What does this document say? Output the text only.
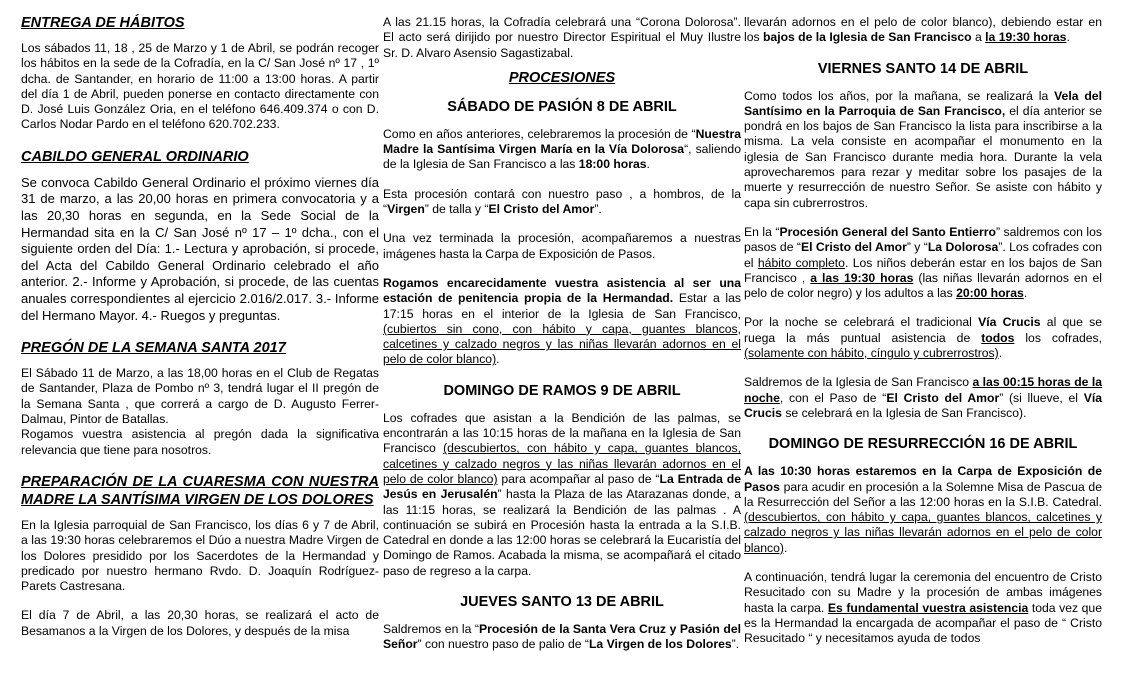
ENTREGA DE HÁBITOS

Los sábados 11, 18 , 25 de Marzo y 1 de Abril, se podrán recoger los hábitos en la sede de la Cofradía, en la C/ San José nº 17 , 1º dcha. de Santander, en horario de 11:00 a 13:00 horas. A partir del día 1 de Abril, pueden ponerse en contacto directamente con D. José Luis González Oria, en el teléfono 646.409.374 o con D. Carlos Nodar Pardo en el teléfono 620.702.233.

CABILDO GENERAL ORDINARIO

Se convoca Cabildo General Ordinario el próximo viernes día 31 de marzo, a las 20,00 horas en primera convocatoria y a las 20,30 horas en segunda, en la Sede Social de la Hermandad sita en la C/ San José nº 17 – 1º dcha., con el siguiente orden del Día: 1.- Lectura y aprobación, si procede, del Acta del Cabildo General Ordinario celebrado el año anterior. 2.- Informe y Aprobación, si procede, de las cuentas anuales correspondientes al ejercicio 2.016/2.017. 3.- Informe del Hermano Mayor. 4.- Ruegos y preguntas.

PREGÓN DE LA SEMANA SANTA 2017

El Sábado 11 de Marzo, a las 18,00 horas en el Club de Regatas de Santander, Plaza de Pombo nº 3, tendrá lugar el II pregón de la Semana Santa , que correrá a cargo de D. Augusto Ferrer-Dalmau, Pintor de Batallas.

Rogamos vuestra asistencia al pregón dada la significativa relevancia que tiene para nosotros.

PREPARACIÓN DE LA CUARESMA CON NUESTRA MADRE LA SANTÍSIMA VIRGEN DE LOS DOLORES

En la Iglesia parroquial de San Francisco, los días 6 y 7 de Abril, a las 19:30 horas celebraremos el Dúo a nuestra Madre Virgen de los Dolores presidido por los Sacerdotes de la Hermandad y predicado por nuestro hermano Rvdo. D. Joaquín Rodríguez-Parets Castresana.

El día 7 de Abril, a las 20,30 horas, se realizará el acto de Besamanos a la Virgen de los Dolores, y después de la misa

A las 21.15 horas, la Cofradía celebrará una “Corona Dolorosa”. El acto será dirijido por nuestro Director Espiritual el Muy Ilustre Sr. D. Alvaro Asensio Sagastizabal.

PROCESIONES
SÁBADO DE PASIÓN 8 DE ABRIL

Como en años anteriores, celebraremos la procesión de “Nuestra Madre la Santísima Virgen María en la Vía Dolorosa“, saliendo de la Iglesia de San Francisco a las 18:00 horas.

Esta procesión contará con nuestro paso , a hombros, de la “Virgen” de talla y “El Cristo del Amor”.

Una vez terminada la procesión, acompañaremos a nuestras imágenes hasta la Carpa de Exposición de Pasos.

Rogamos encarecidamente vuestra asistencia al ser una estación de penitencia propia de la Hermandad. Estar a las 17:15 horas en el interior de la Iglesia de San Francisco, (cubiertos sin cono, con hábito y capa, guantes blancos, calcetines y calzado negros y las niñas llevarán adornos en el pelo de color blanco).

DOMINGO DE RAMOS 9 DE ABRIL

Los cofrades que asistan a la Bendición de las palmas, se encontrarán a las 10:15 horas de la mañana en la Iglesia de San Francisco (descubiertos, con hábito y capa, guantes blancos, calcetines y calzado negros y las niñas llevarán adornos en el pelo de color blanco) para acompañar al paso de “La Entrada de Jesús en Jerusalén” hasta la Plaza de las Atarazanas donde, a las 11:15 horas, se realizará la Bendición de las palmas . A continuación se subirá en Procesión hasta la entrada a la S.I.B. Catedral en donde a las 12:00 horas se celebrará la Eucaristía del Domingo de Ramos. Acabada la misma, se acompañará el citado paso de regreso a la carpa.

JUEVES SANTO 13 DE ABRIL

Saldremos en la “Procesión de la Santa Vera Cruz y Pasión del Señor” con nuestro paso de palio de “La Virgen de los Dolores”.

llevarán adornos en el pelo de color blanco), debiendo estar en los bajos de la Iglesia de San Francisco a la 19:30 horas.

VIERNES SANTO 14 DE ABRIL

Como todos los años, por la mañana, se realizará la Vela del Santísimo en la Parroquia de San Francisco, el día anterior se pondrá en los bajos de San Francisco la lista para inscribirse a la misma. La vela consiste en acompañar el monumento en la iglesia de San Francisco durante media hora. Durante la vela aprovecharemos para rezar y meditar sobre los pasajes de la muerte y resurrección de nuestro Señor. Se asiste con hábito y capa sin cubrerrostros.

En la “Procesión General del Santo Entierro” saldremos con los pasos de “El Cristo del Amor” y “La Dolorosa”. Los cofrades con el hábito completo. Los niños deberán estar en los bajos de San Francisco , a las 19:30 horas (las niñas llevarán adornos en el pelo de color negro) y los adultos a las 20:00 horas.

Por la noche se celebrará el tradicional Vía Crucis al que se ruega la más puntual asistencia de todos los cofrades, (solamente con hábito, cíngulo y cubrerrostros).

Saldremos de la Iglesia de San Francisco a las 00:15 horas de la noche, con el Paso de “El Cristo del Amor” (si llueve, el Vía Crucis se celebrará en la Iglesia de San Francisco).

DOMINGO DE RESURRECCIÓN 16 DE ABRIL

A las 10:30 horas estaremos en la Carpa de Exposición de Pasos para acudir en procesión a la Solemne Misa de Pascua de la Resurrección del Señor a las 12:00 horas en la S.I.B. Catedral. (descubiertos, con hábito y capa, guantes blancos, calcetines y calzado negros y las niñas llevarán adornos en el pelo de color blanco).

A continuación, tendrá lugar la ceremonia del encuentro de Cristo Resucitado con su Madre y la procesión de ambas imágenes hasta la carpa. Es fundamental vuestra asistencia toda vez que es la Hermandad la encargada de acompañar el paso de “ Cristo Resucitado “ y necesitamos ayuda de todos
